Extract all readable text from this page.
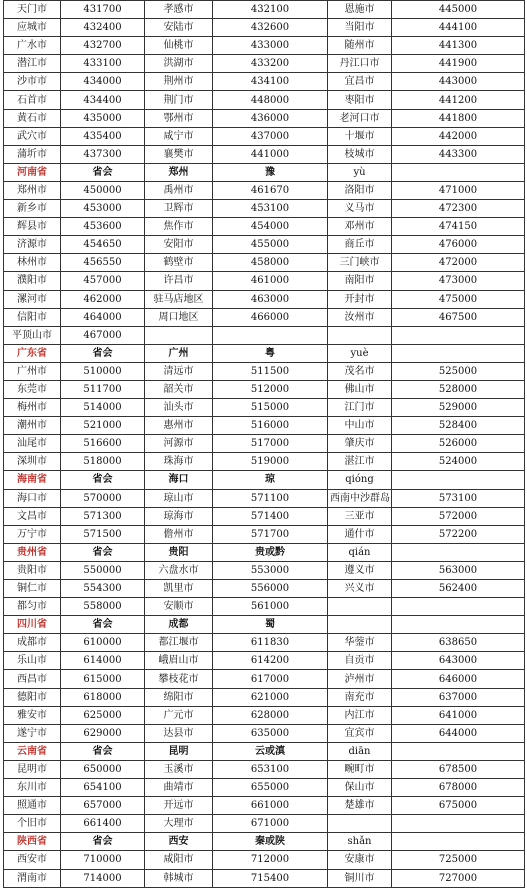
天门市	431700	孝感市	432100	恩施市	445000
应城市	432400	安陆市	432600	当阳市	444100
广水市	432700	仙桃市	433000	随州市	441300
潜江市	433100	洪湖市	433200	丹江口市	441900
沙市市	434000	荆州市	434100	宜昌市	443000
石首市	434400	荆门市	448000	枣阳市	441200
黄石市	435000	鄂州市	436000	老河口市	441800
武穴市	435400	咸宁市	437000	十堰市	442000
蒲圻市	437300	襄樊市	441000	枝城市	443300
河南省	省会	郑州	豫	yù	
郑州市	450000	禹州市	461670	洛阳市	471000
新乡市	453000	卫辉市	453100	义马市	472300
辉县市	453600	焦作市	454000	邓州市	474150
济源市	454650	安阳市	455000	商丘市	476000
林州市	456550	鹤壁市	458000	三门峡市	472000
濮阳市	457000	许昌市	461000	南阳市	473000
漯河市	462000	驻马店地区	463000	开封市	475000
信阳市	464000	周口地区	466000	汝州市	467500
平顶山市	467000				
广东省	省会	广州	粤	yuè	
广州市	510000	清远市	511500	茂名市	525000
东莞市	511700	韶关市	512000	佛山市	528000
梅州市	514000	汕头市	515000	江门市	529000
潮州市	521000	惠州市	516000	中山市	528400
汕尾市	516600	河源市	517000	肇庆市	526000
深圳市	518000	珠海市	519000	湛江市	524000
海南省	省会	海口	琼	qióng	
海口市	570000	琼山市	571100	西南中沙群岛	573100
文昌市	571300	琼海市	571400	三亚市	572000
万宁市	571500	儋州市	571700	通什市	572200
贵州省	省会	贵阳	贵或黔	qián	
贵阳市	550000	六盘水市	553000	遵义市	563000
铜仁市	554300	凯里市	556000	兴义市	562400
都匀市	558000	安顺市	561000		
四川省	省会	成都	蜀		
成都市	610000	都江堰市	611830	华蓥市	638650
乐山市	614000	峨眉山市	614200	自贡市	643000
西昌市	615000	攀枝花市	617000	泸州市	646000
德阳市	618000	绵阳市	621000	南充市	637000
雅安市	625000	广元市	628000	内江市	641000
遂宁市	629000	达县市	635000	宜宾市	644000
云南省	省会	昆明	云或滇	diān	
昆明市	650000	玉溪市	653100	畹町市	678500
东川市	654100	曲靖市	655000	保山市	678000
照通市	657000	开远市	661000	楚雄市	675000
个旧市	661400	大理市	671000		
陕西省	省会	西安	秦或陕	shǎn	
西安市	710000	咸阳市	712000	安康市	725000
渭南市	714000	韩城市	715400	铜川市	727000
